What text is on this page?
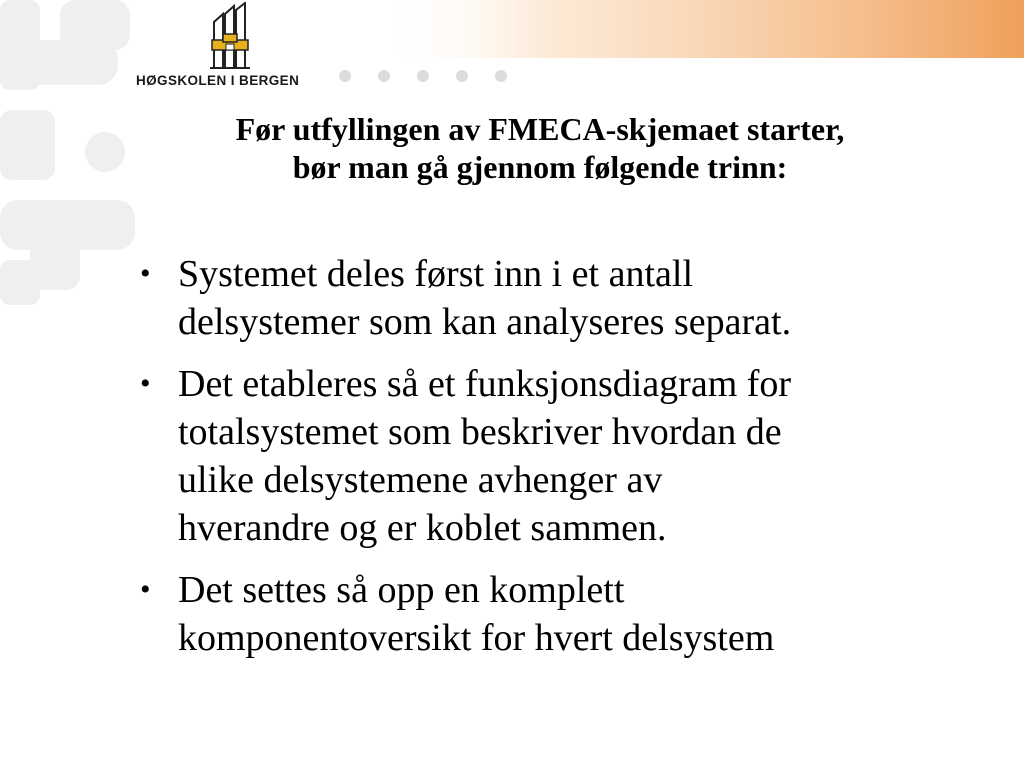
HØGSKOLEN I BERGEN
Før utfyllingen av FMECA-skjemaet starter,
bør man gå gjennom følgende trinn:
• Systemet deles først inn i et antall
delsystemer som kan analyseres separat.
• Det etableres så et funksjonsdiagram for
totalsystemet som beskriver hvordan de
ulike delsystemene avhenger av
hverandre og er koblet sammen.
• Det settes så opp en komplett
komponentoversikt for hvert delsystem
